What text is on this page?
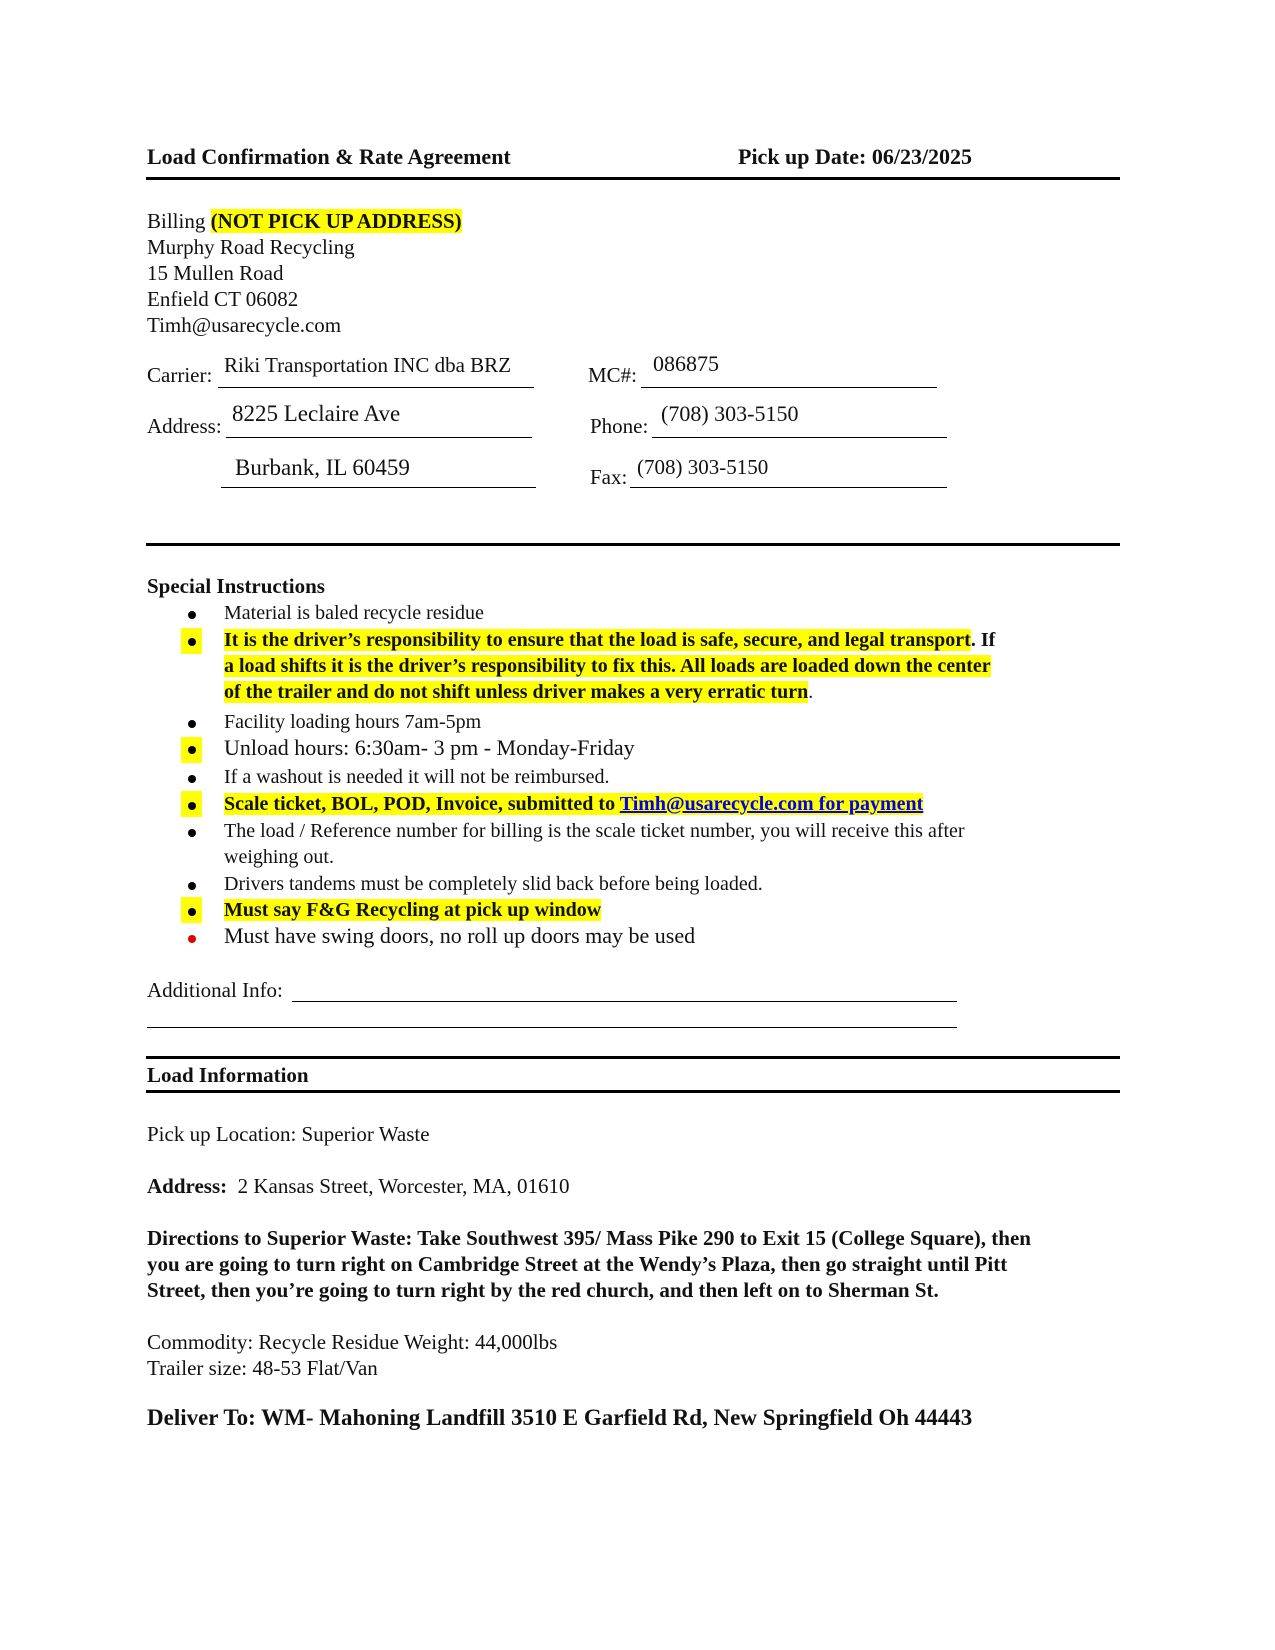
Load Confirmation & Rate Agreement	Pick up Date: 06/23/2025
Billing (NOT PICK UP ADDRESS)
Murphy Road Recycling
15 Mullen Road
Enfield CT 06082
Timh@usarecycle.com
Carrier: Riki Transportation INC dba BRZ	MC#: 086875
Address: 8225 Leclaire Ave	Phone: (708) 303-5150
Burbank, IL 60459	Fax: (708) 303-5150
Special Instructions
Material is baled recycle residue
It is the driver’s responsibility to ensure that the load is safe, secure, and legal transport. If
a load shifts it is the driver’s responsibility to fix this. All loads are loaded down the center
of the trailer and do not shift unless driver makes a very erratic turn.
Facility loading hours 7am-5pm
Unload hours: 6:30am- 3 pm - Monday-Friday
If a washout is needed it will not be reimbursed.
Scale ticket, BOL, POD, Invoice, submitted to Timh@usarecycle.com for payment
The load / Reference number for billing is the scale ticket number, you will receive this after
weighing out.
Drivers tandems must be completely slid back before being loaded.
Must say F&G Recycling at pick up window
Must have swing doors, no roll up doors may be used
Additional Info:
Load Information
Pick up Location: Superior Waste
Address: 2 Kansas Street, Worcester, MA, 01610
Directions to Superior Waste: Take Southwest 395/ Mass Pike 290 to Exit 15 (College Square), then
you are going to turn right on Cambridge Street at the Wendy’s Plaza, then go straight until Pitt
Street, then you’re going to turn right by the red church, and then left on to Sherman St.
Commodity: Recycle Residue Weight: 44,000lbs
Trailer size: 48-53 Flat/Van
Deliver To: WM- Mahoning Landfill 3510 E Garfield Rd, New Springfield Oh 44443
